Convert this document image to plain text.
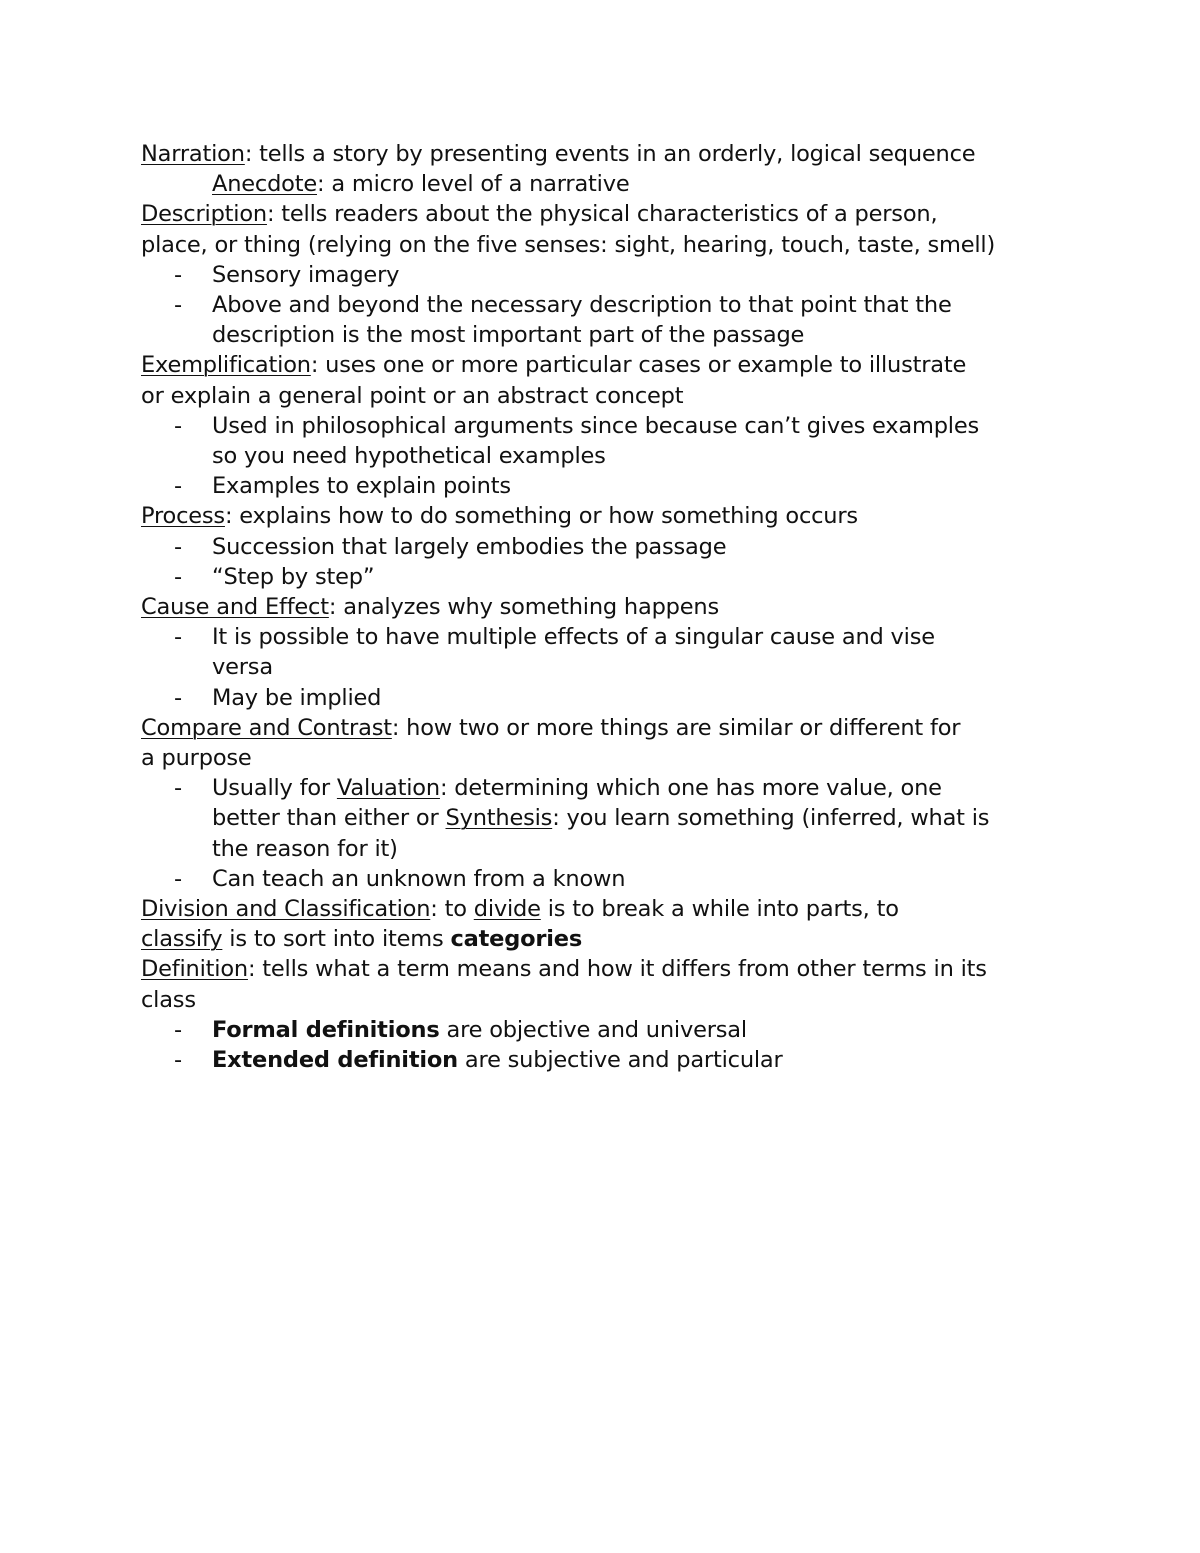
Narration: tells a story by presenting events in an orderly, logical sequence

Anecdote: a micro level of a narrative

Description: tells readers about the physical characteristics of a person,

place, or thing (relying on the five senses: sight, hearing, touch, taste, smell)

- Sensory imagery

- Above and beyond the necessary description to that point that the

description is the most important part of the passage

Exemplification: uses one or more particular cases or example to illustrate

or explain a general point or an abstract concept

- Used in philosophical arguments since because can’t gives examples

so you need hypothetical examples

- Examples to explain points

Process: explains how to do something or how something occurs

- Succession that largely embodies the passage

- “Step by step”

Cause and Effect: analyzes why something happens

- It is possible to have multiple effects of a singular cause and vise

versa

- May be implied

Compare and Contrast: how two or more things are similar or different for

a purpose

- Usually for Valuation: determining which one has more value, one

better than either or Synthesis: you learn something (inferred, what is

the reason for it)

- Can teach an unknown from a known

Division and Classification: to divide is to break a while into parts, to

classify is to sort into items categories

Definition: tells what a term means and how it differs from other terms in its

class

- Formal definitions are objective and universal

- Extended definition are subjective and particular
